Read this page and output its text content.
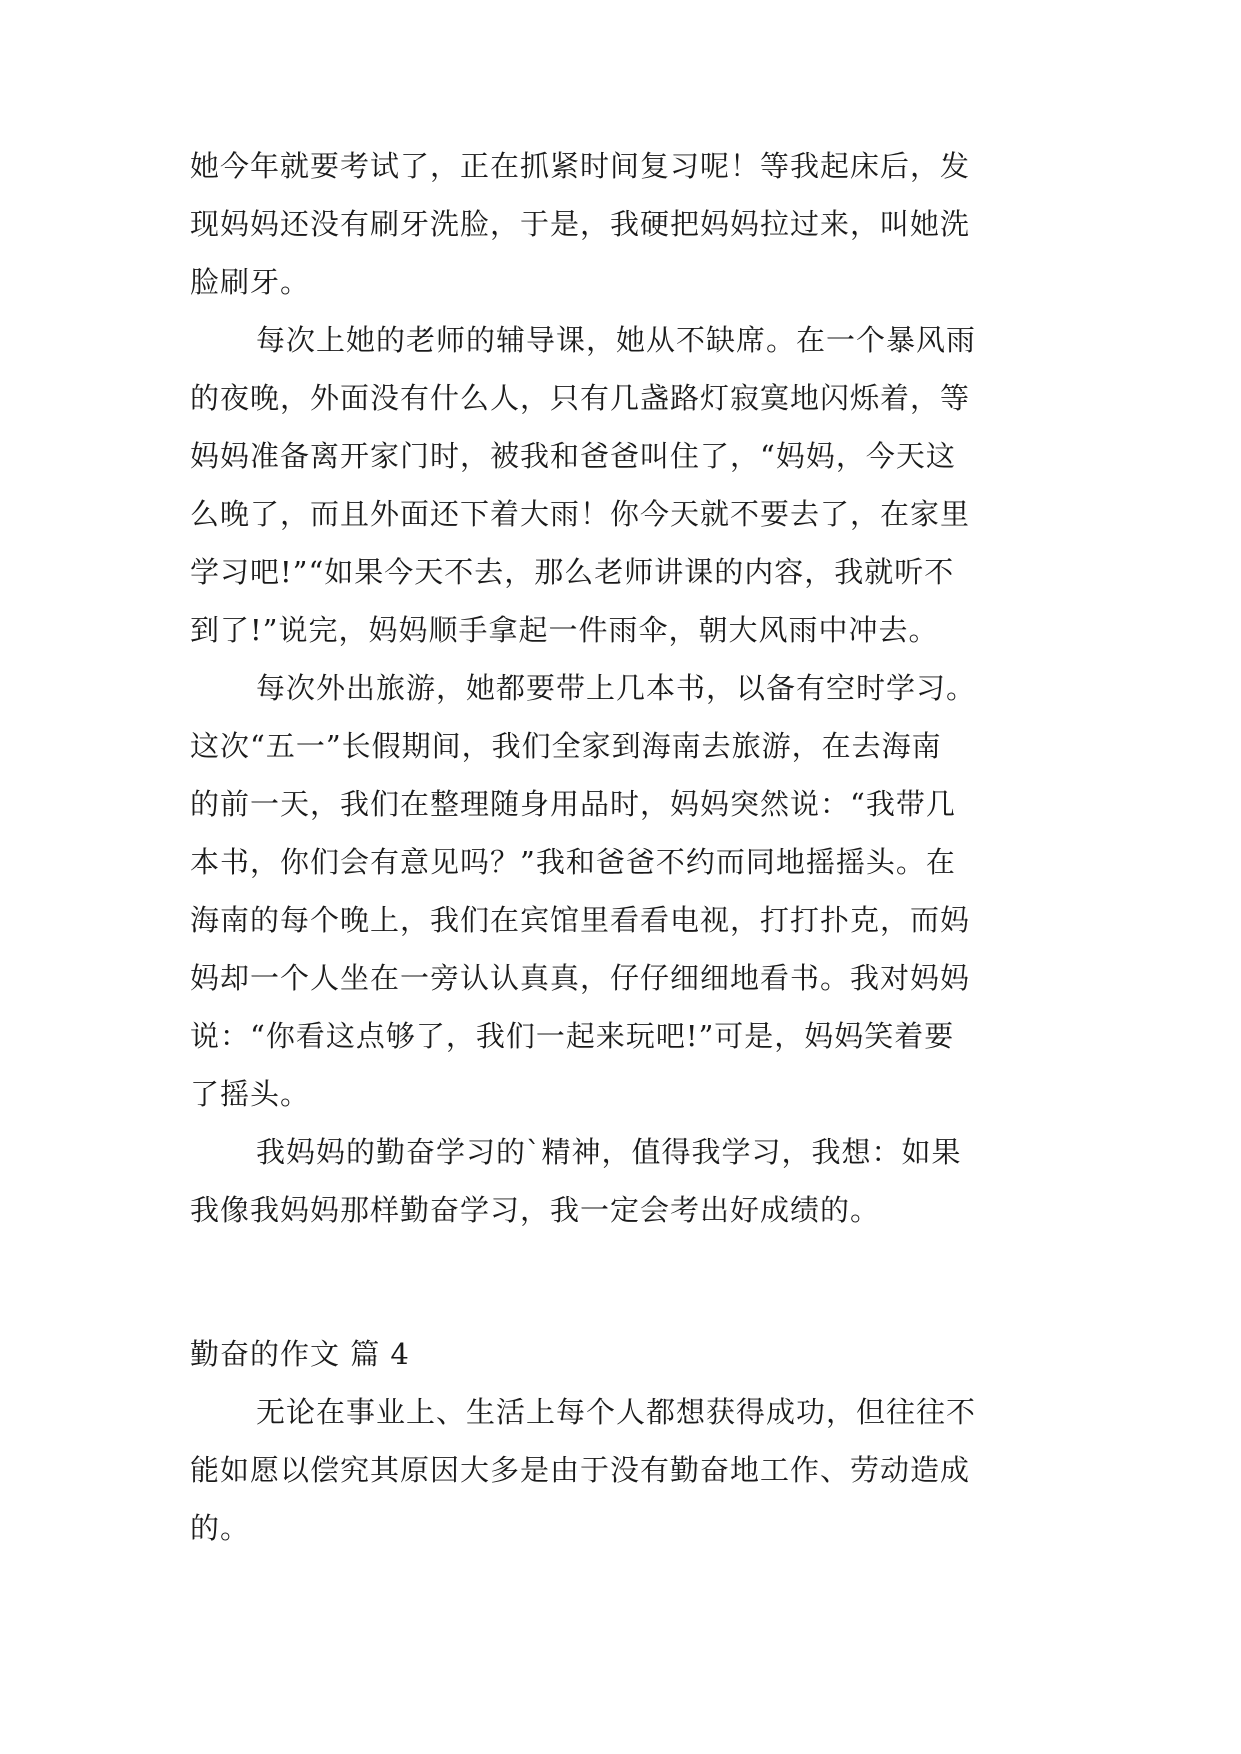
她今年就要考试了，正在抓紧时间复习呢！等我起床后，发
现妈妈还没有刷牙洗脸，于是，我硬把妈妈拉过来，叫她洗
脸刷牙。
每次上她的老师的辅导课，她从不缺席。在一个暴风雨
的夜晚，外面没有什么人，只有几盏路灯寂寞地闪烁着，等
妈妈准备离开家门时，被我和爸爸叫住了，“妈妈，今天这
么晚了，而且外面还下着大雨！你今天就不要去了，在家里
学习吧!”“如果今天不去，那么老师讲课的内容，我就听不
到了!”说完，妈妈顺手拿起一件雨伞，朝大风雨中冲去。
每次外出旅游，她都要带上几本书，以备有空时学习。
这次“五一”长假期间，我们全家到海南去旅游，在去海南
的前一天，我们在整理随身用品时，妈妈突然说：“我带几
本书，你们会有意见吗？”我和爸爸不约而同地摇摇头。在
海南的每个晚上，我们在宾馆里看看电视，打打扑克，而妈
妈却一个人坐在一旁认认真真，仔仔细细地看书。我对妈妈
说：“你看这点够了，我们一起来玩吧!”可是，妈妈笑着要
了摇头。
我妈妈的勤奋学习的`精神，值得我学习，我想：如果
我像我妈妈那样勤奋学习，我一定会考出好成绩的。
勤奋的作文 篇 4
无论在事业上、生活上每个人都想获得成功，但往往不
能如愿以偿究其原因大多是由于没有勤奋地工作、劳动造成
的。
